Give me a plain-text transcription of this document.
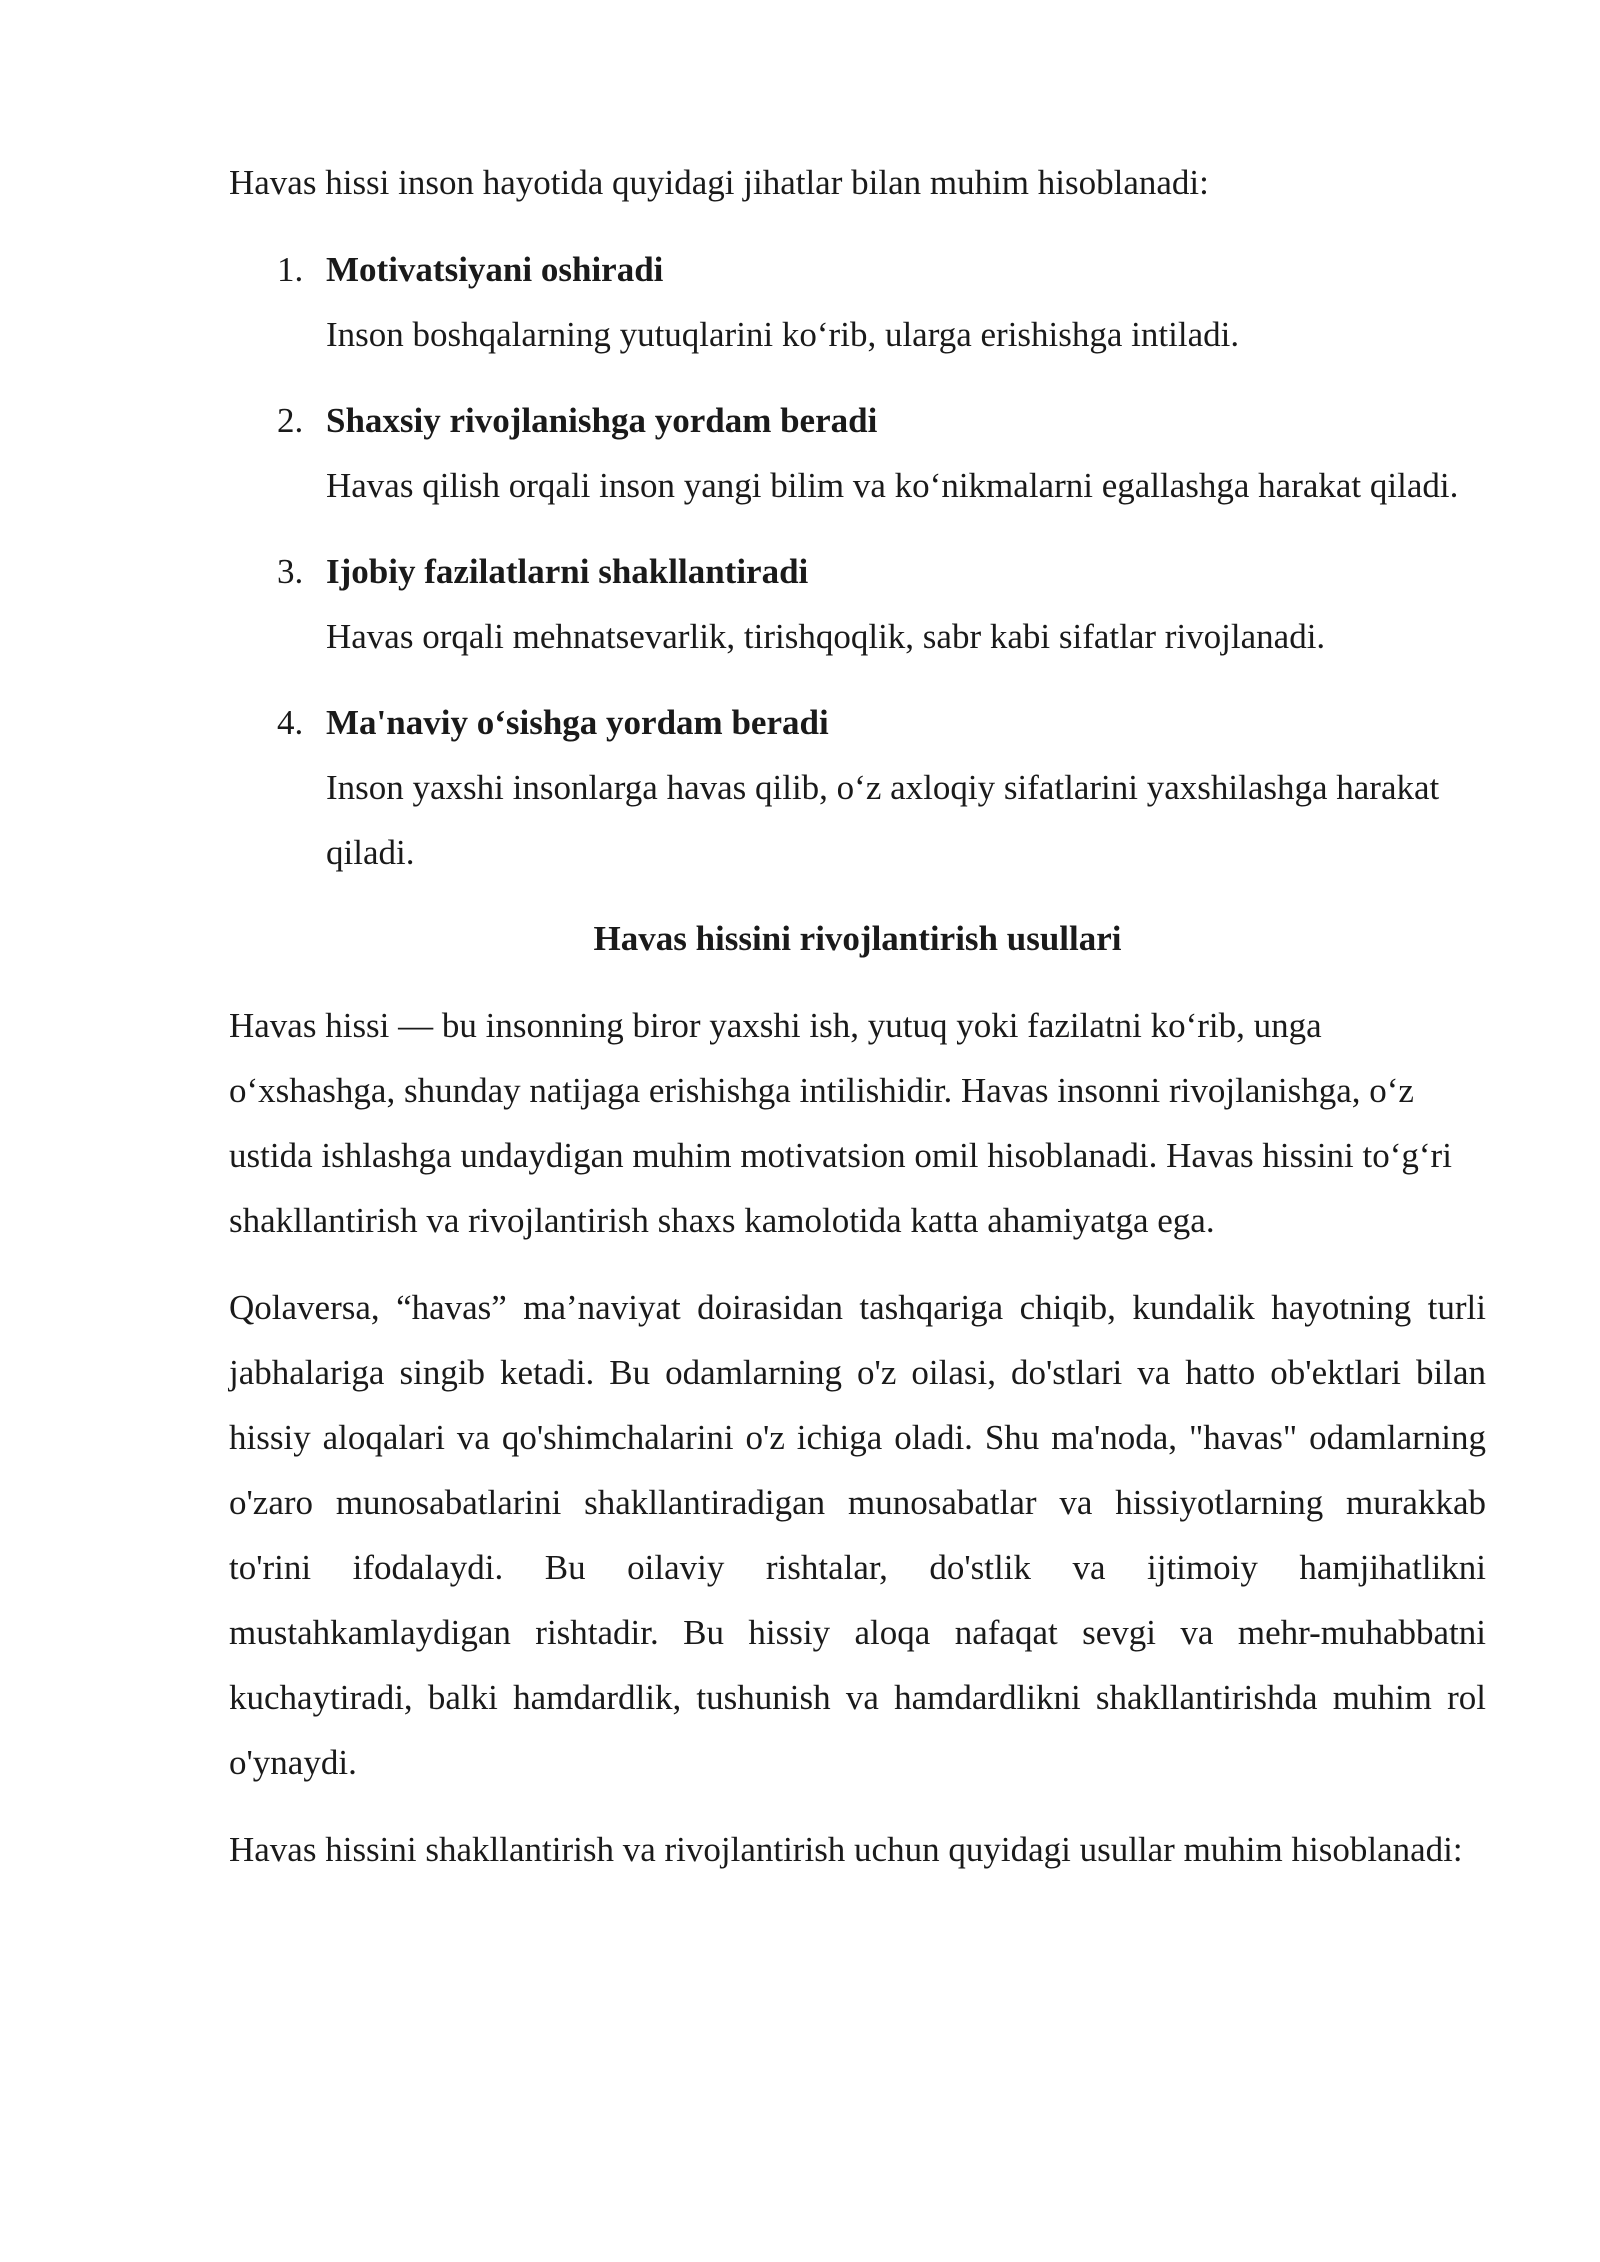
Havas hissi inson hayotida quyidagi jihatlar bilan muhim hisoblanadi:

1. Motivatsiyani oshiradi
Inson boshqalarning yutuqlarini ko‘rib, ularga erishishga intiladi.
2. Shaxsiy rivojlanishga yordam beradi
Havas qilish orqali inson yangi bilim va ko‘nikmalarni egallashga harakat qiladi.
3. Ijobiy fazilatlarni shakllantiradi
Havas orqali mehnatsevarlik, tirishqoqlik, sabr kabi sifatlar rivojlanadi.
4. Ma'naviy o‘sishga yordam beradi
Inson yaxshi insonlarga havas qilib, o‘z axloqiy sifatlarini yaxshilashga harakat qiladi.

Havas hissini rivojlantirish usullari

Havas hissi — bu insonning biror yaxshi ish, yutuq yoki fazilatni ko‘rib, unga o‘xshashga, shunday natijaga erishishga intilishidir. Havas insonni rivojlanishga, o‘z ustida ishlashga undaydigan muhim motivatsion omil hisoblanadi. Havas hissini to‘g‘ri shakllantirish va rivojlantirish shaxs kamolotida katta ahamiyatga ega.

Qolaversa, “havas” ma’naviyat doirasidan tashqariga chiqib, kundalik hayotning turli jabhalariga singib ketadi. Bu odamlarning o'z oilasi, do'stlari va hatto ob'ektlari bilan hissiy aloqalari va qo'shimchalarini o'z ichiga oladi. Shu ma'noda, "havas" odamlarning o'zaro munosabatlarini shakllantiradigan munosabatlar va hissiyotlarning murakkab to'rini ifodalaydi. Bu oilaviy rishtalar, do'stlik va ijtimoiy hamjihatlikni mustahkamlaydigan rishtadir. Bu hissiy aloqa nafaqat sevgi va mehr-muhabbatni kuchaytiradi, balki hamdardlik, tushunish va hamdardlikni shakllantirishda muhim rol o'ynaydi.

Havas hissini shakllantirish va rivojlantirish uchun quyidagi usullar muhim hisoblanadi:
